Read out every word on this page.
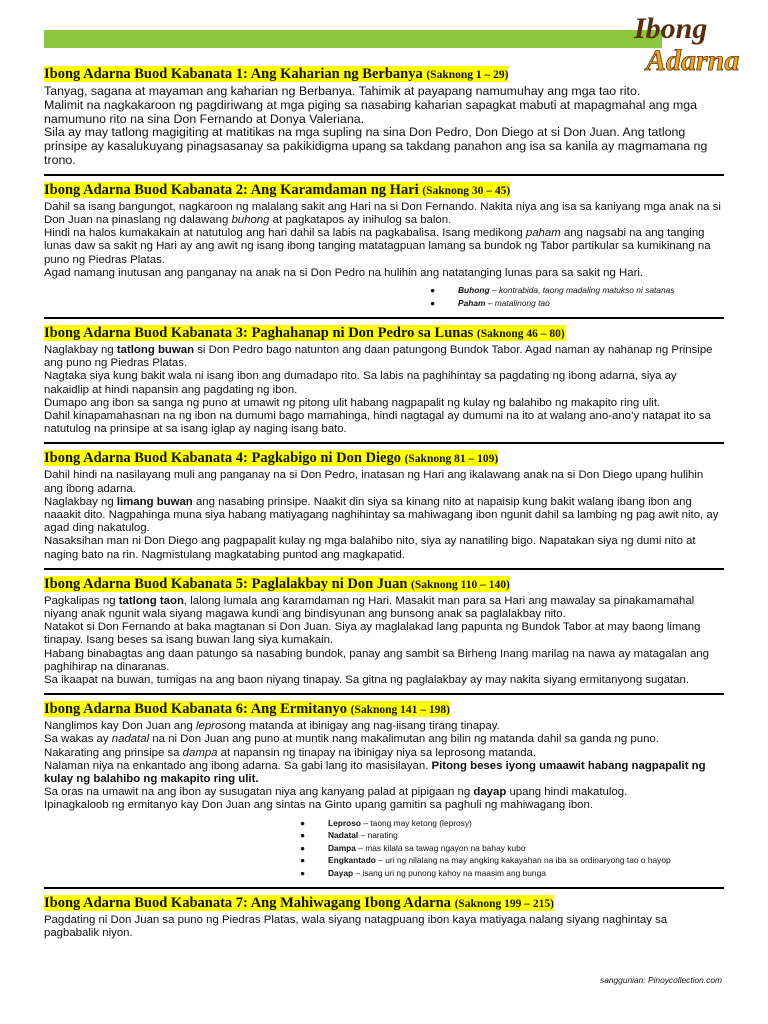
Ibong
Adarna
Ibong Adarna Buod Kabanata 1: Ang Kaharian ng Berbanya (Saknong 1 – 29)

Tanyag, sagana at mayaman ang kaharian ng Berbanya. Tahimik at payapang namumuhay ang mga tao rito.

Malimit na nagkakaroon ng pagdiriwang at mga piging sa nasabing kaharian sapagkat mabuti at mapagmahal ang mga namumuno rito na sina Don Fernando at Donya Valeriana.

Sila ay may tatlong magigiting at matitikas na mga supling na sina Don Pedro, Don Diego at si Don Juan. Ang tatlong prinsipe ay kasalukuyang pinagsasanay sa pakikidigma upang sa takdang panahon ang isa sa kanila ay magmamana ng trono.

Ibong Adarna Buod Kabanata 2: Ang Karamdaman ng Hari (Saknong 30 – 45)

Dahil sa isang bangungot, nagkaroon ng malalang sakit ang Hari na si Don Fernando. Nakita niya ang isa sa kaniyang mga anak na si Don Juan na pinaslang ng dalawang buhong at pagkatapos ay inihulog sa balon.

Hindi na halos kumakakain at natutulog ang hari dahil sa labis na pagkabalisa. Isang medikong paham ang nagsabi na ang tanging lunas daw sa sakit ng Hari ay ang awit ng isang ibong tanging matatagpuan lamang sa bundok ng Tabor partikular sa kumikinang na puno ng Piedras Platas.

Agad namang inutusan ang panganay na anak na si Don Pedro na hulihin ang natatanging lunas para sa sakit ng Hari.

●	Buhong – kontrabida, taong madaling matukso ni satanas
●	Paham – matalinong tao
Ibong Adarna Buod Kabanata 3: Paghahanap ni Don Pedro sa Lunas (Saknong 46 – 80)

Naglakbay ng tatlong buwan si Don Pedro bago natunton ang daan patungong Bundok Tabor. Agad naman ay nahanap ng Prinsipe ang puno ng Piedras Platas.

Nagtaka siya kung bakit wala ni isang ibon ang dumadapo rito. Sa labis na paghihintay sa pagdating ng ibong adarna, siya ay nakaidlip at hindi napansin ang pagdating ng ibon.

Dumapo ang ibon sa sanga ng puno at umawit ng pitong ulit habang nagpapalit ng kulay ng balahibo ng makapito ring ulit.

Dahil kinapamahasnan na ng ibon na dumumi bago mamahinga, hindi nagtagal ay dumumi na ito at walang ano-ano’y natapat ito sa natutulog na prinsipe at sa isang iglap ay naging isang bato.

Ibong Adarna Buod Kabanata 4: Pagkabigo ni Don Diego (Saknong 81 – 109)

Dahil hindi na nasilayang muli ang panganay na si Don Pedro, inatasan ng Hari ang ikalawang anak na si Don Diego upang hulihin ang ibong adarna.

Naglakbay ng limang buwan ang nasabing prinsipe. Naakit din siya sa kinang nito at napaisip kung bakit walang ibang ibon ang naaakit dito. Nagpahinga muna siya habang matiyagang naghihintay sa mahiwagang ibon ngunit dahil sa lambing ng pag awit nito, ay agad ding nakatulog.

Nasaksihan man ni Don Diego ang pagpapalit kulay ng mga balahibo nito, siya ay nanatiling bigo. Napatakan siya ng dumi nito at naging bato na rin. Nagmistulang magkatabing puntod ang magkapatid.

Ibong Adarna Buod Kabanata 5: Paglalakbay ni Don Juan (Saknong 110 – 140)

Pagkalipas ng tatlong taon, lalong lumala ang karamdaman ng Hari. Masakit man para sa Hari ang mawalay sa pinakamamahal niyang anak ngunit wala siyang magawa kundi ang bindisyunan ang bunsong anak sa paglalakbay nito.

Natakot si Don Fernando at baka magtanan si Don Juan. Siya ay maglalakad lang papunta ng Bundok Tabor at may baong limang tinapay. Isang beses sa isang buwan lang siya kumakain.

Habang binabagtas ang daan patungo sa nasabing bundok, panay ang sambit sa Birheng Inang marilag na nawa ay matagalan ang paghihirap na dinaranas.

Sa ikaapat na buwan, tumigas na ang baon niyang tinapay. Sa gitna ng paglalakbay ay may nakita siyang ermitanyong sugatan.

Ibong Adarna Buod Kabanata 6: Ang Ermitanyo (Saknong 141 – 198)

Nanglimos kay Don Juan ang leprosong matanda at ibinigay ang nag-iisang tirang tinapay.

Sa wakas ay nadatal na ni Don Juan ang puno at muntik nang makalimutan ang bilin ng matanda dahil sa ganda ng puno.

Nakarating ang prinsipe sa dampa at napansin ng tinapay na ibinigay niya sa leprosong matanda.

Nalaman niya na enkantado ang ibong adarna. Sa gabi lang ito masisilayan. Pitong beses iyong umaawit habang nagpapalit ng kulay ng balahibo ng makapito ring ulit.

Sa oras na umawit na ang ibon ay susugatan niya ang kanyang palad at pipigaan ng dayap upang hindi makatulog.

Ipinagkaloob ng ermitanyo kay Don Juan ang sintas na Ginto upang gamitin sa paghuli ng mahiwagang ibon.

●	Leproso – taong may ketong (leprosy)
●	Nadatal – narating
●	Dampa – mas kilala sa tawag ngayon na bahay kubo
●	Engkantado – uri ng nilalang na may angking kakayahan na iba sa ordinaryong tao o hayop
●	Dayap – isang uri ng punong kahoy na maasim ang bunga
Ibong Adarna Buod Kabanata 7: Ang Mahiwagang Ibong Adarna (Saknong 199 – 215)

Pagdating ni Don Juan sa puno ng Piedras Platas, wala siyang natagpuang ibon kaya matiyaga nalang siyang naghintay sa pagbabalik niyon.

sanggunian: Pinoycollection.com
